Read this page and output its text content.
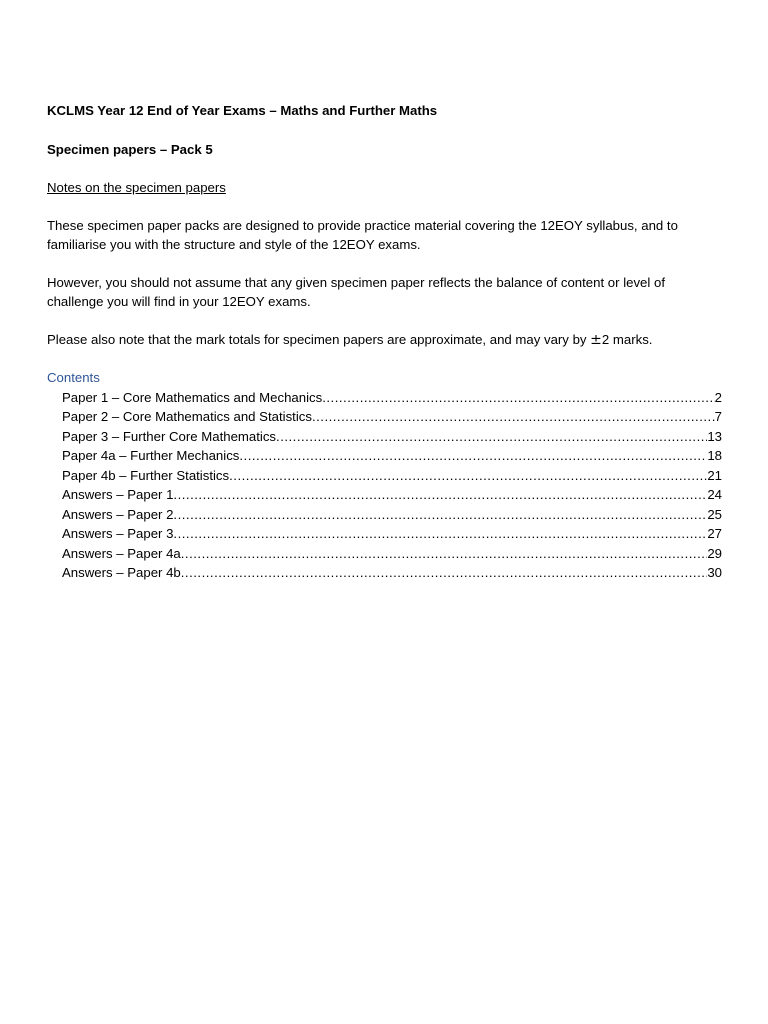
KCLMS Year 12 End of Year Exams – Maths and Further Maths

Specimen papers – Pack 5

Notes on the specimen papers

These specimen paper packs are designed to provide practice material covering the 12EOY syllabus, and to familiarise you with the structure and style of the 12EOY exams.

However, you should not assume that any given specimen paper reflects the balance of content or level of challenge you will find in your 12EOY exams.

Please also note that the mark totals for specimen papers are approximate, and may vary by ±2 marks.

Contents

Paper 1 – Core Mathematics and Mechanics .....	2
Paper 2 – Core Mathematics and Statistics .....	7
Paper 3 – Further Core Mathematics .....	13
Paper 4a – Further Mechanics .....	18
Paper 4b – Further Statistics .....	21
Answers – Paper 1 .....	24
Answers – Paper 2 .....	25
Answers – Paper 3 .....	27
Answers – Paper 4a .....	29
Answers – Paper 4b .....	30
